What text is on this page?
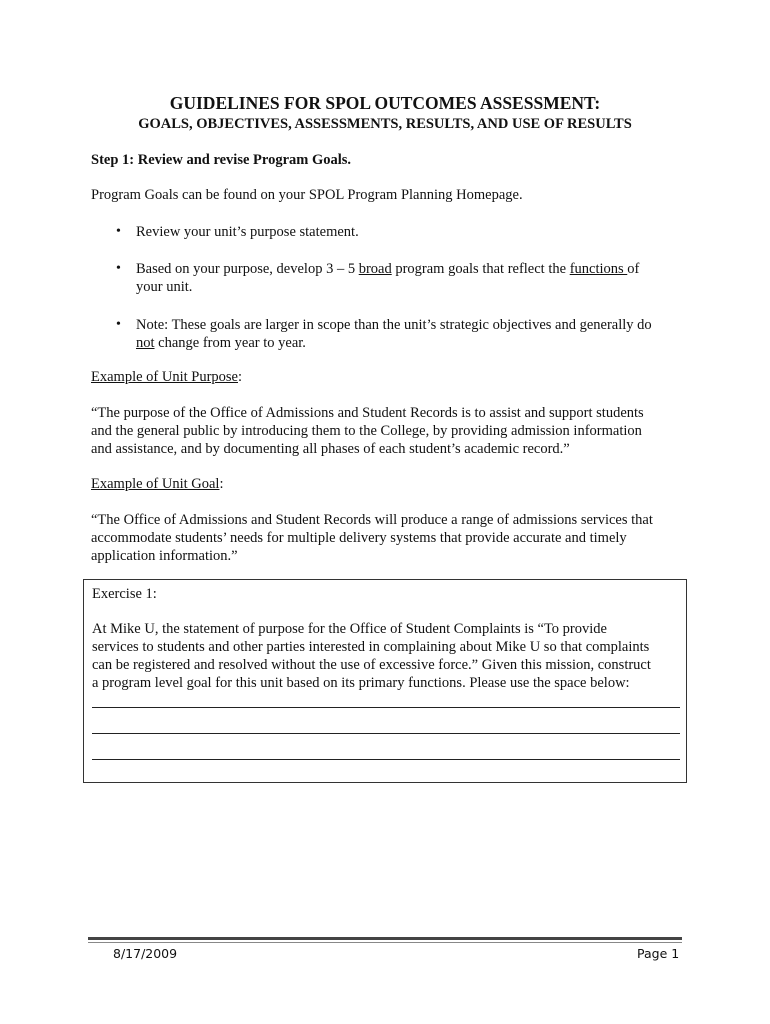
GUIDELINES FOR SPOL OUTCOMES ASSESSMENT:
GOALS, OBJECTIVES, ASSESSMENTS, RESULTS, AND USE OF RESULTS
Step 1: Review and revise Program Goals.
Program Goals can be found on your SPOL Program Planning Homepage.
• Review your unit’s purpose statement.
• Based on your purpose, develop 3 – 5 broad program goals that reflect the functions of
your unit.
• Note: These goals are larger in scope than the unit’s strategic objectives and generally do
not change from year to year.
Example of Unit Purpose:
“The purpose of the Office of Admissions and Student Records is to assist and support students
and the general public by introducing them to the College, by providing admission information
and assistance, and by documenting all phases of each student’s academic record.”
Example of Unit Goal:
“The Office of Admissions and Student Records will produce a range of admissions services that
accommodate students’ needs for multiple delivery systems that provide accurate and timely
application information.”
Exercise 1:
At Mike U, the statement of purpose for the Office of Student Complaints is “To provide
services to students and other parties interested in complaining about Mike U so that complaints
can be registered and resolved without the use of excessive force.” Given this mission, construct
a program level goal for this unit based on its primary functions. Please use the space below:
8/17/2009	Page 1
